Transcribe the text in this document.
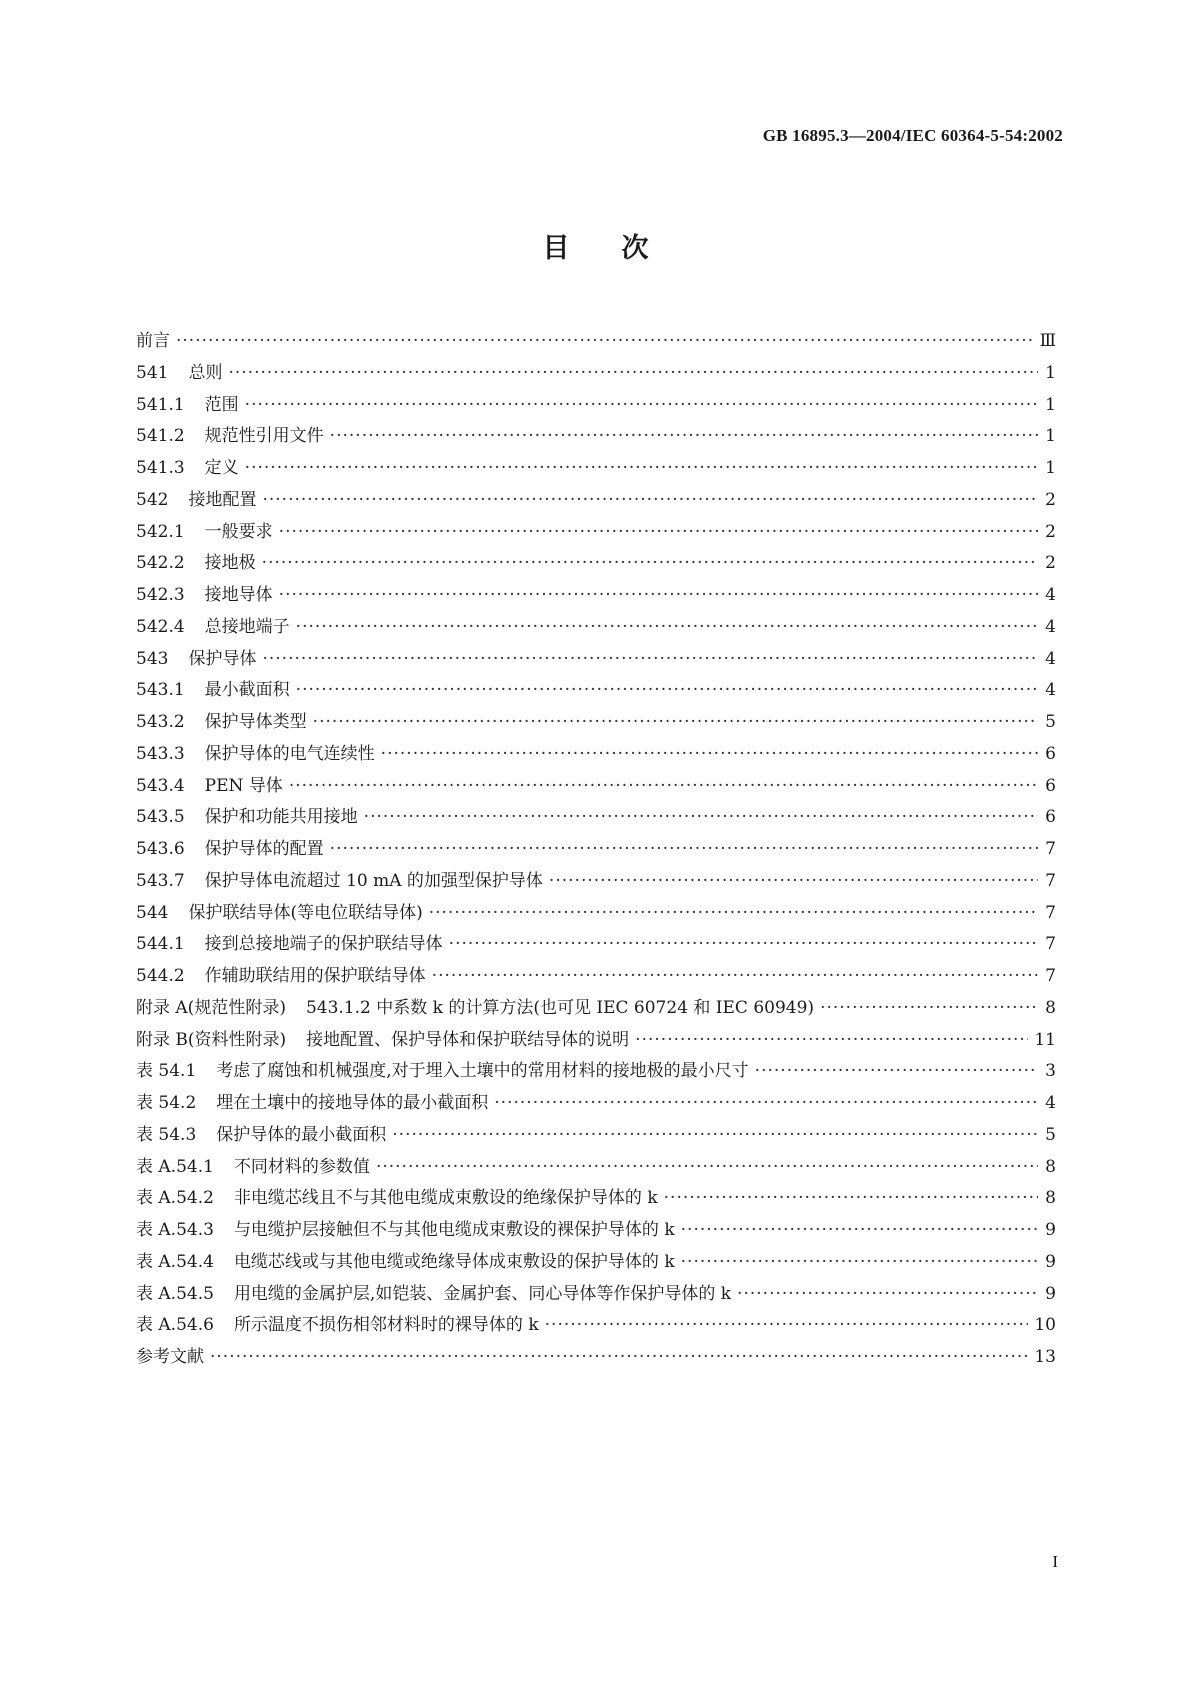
GB 16895.3—2004/IEC 60364-5-54:2002
目次
前言 ·····	Ⅲ
541	总则 ·····	1
541.1	范围 ·····	1
541.2	规范性引用文件 ·····	1
541.3	定义 ·····	1
542	接地配置 ·····	2
542.1	一般要求 ·····	2
542.2	接地极 ·····	2
542.3	接地导体 ·····	4
542.4	总接地端子 ·····	4
543	保护导体 ·····	4
543.1	最小截面积 ·····	4
543.2	保护导体类型 ·····	5
543.3	保护导体的电气连续性 ·····	6
543.4	PEN 导体 ·····	6
543.5	保护和功能共用接地 ·····	6
543.6	保护导体的配置 ·····	7
543.7	保护导体电流超过 10 mA 的加强型保护导体 ·····	7
544	保护联结导体(等电位联结导体) ·····	7
544.1	接到总接地端子的保护联结导体 ·····	7
544.2	作辅助联结用的保护联结导体 ·····	7
附录 A(规范性附录)	543.1.2 中系数 k 的计算方法(也可见 IEC 60724 和 IEC 60949) ·····	8
附录 B(资料性附录)	接地配置、保护导体和保护联结导体的说明 ·····	11
表 54.1	考虑了腐蚀和机械强度,对于埋入土壤中的常用材料的接地极的最小尺寸 ·····	3
表 54.2	埋在土壤中的接地导体的最小截面积 ·····	4
表 54.3	保护导体的最小截面积 ·····	5
表 A.54.1	不同材料的参数值 ·····	8
表 A.54.2	非电缆芯线且不与其他电缆成束敷设的绝缘保护导体的 k ·····	8
表 A.54.3	与电缆护层接触但不与其他电缆成束敷设的裸保护导体的 k ·····	9
表 A.54.4	电缆芯线或与其他电缆或绝缘导体成束敷设的保护导体的 k ·····	9
表 A.54.5	用电缆的金属护层,如铠装、金属护套、同心导体等作保护导体的 k ·····	9
表 A.54.6	所示温度不损伤相邻材料时的裸导体的 k ·····	10
参考文献 ·····	13
I
